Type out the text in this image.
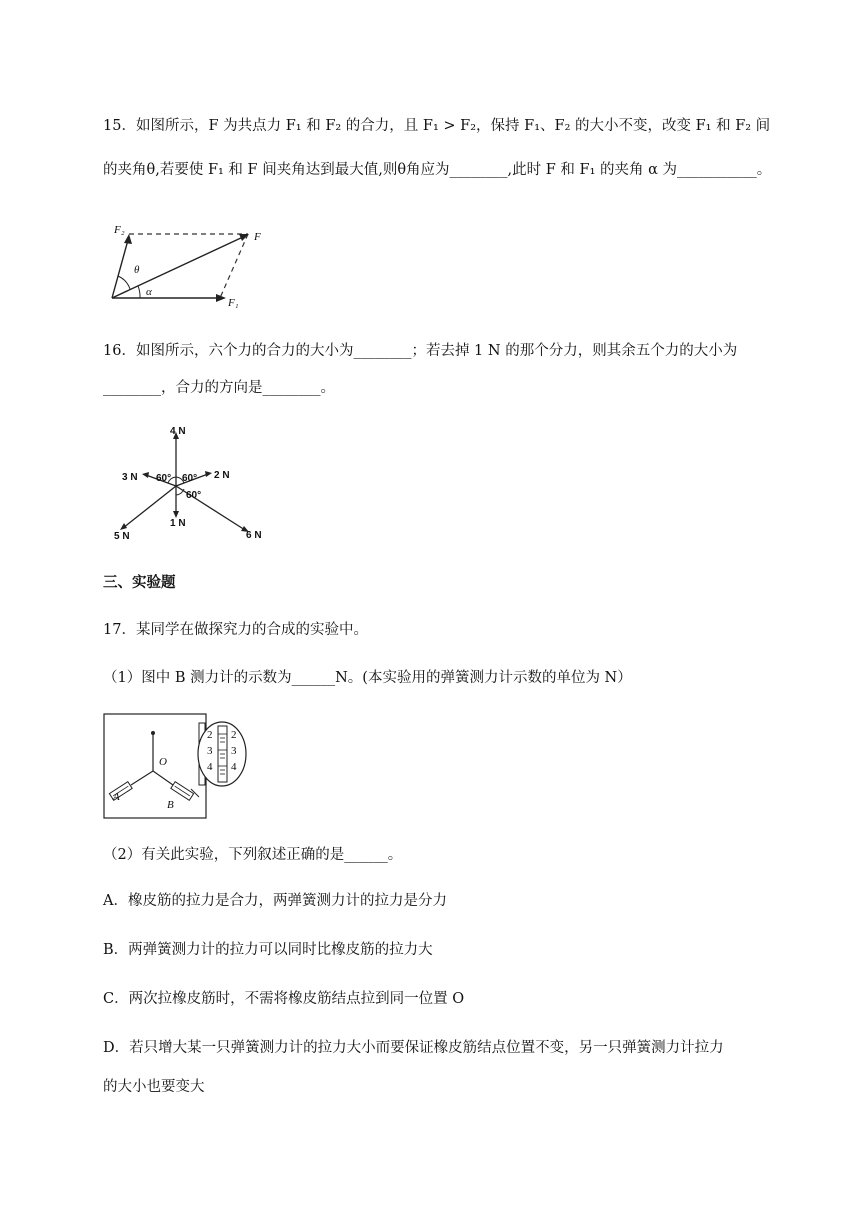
15．如图所示，F 为共点力 F₁ 和 F₂ 的合力，且 F₁ > F₂，保持 F₁、F₂ 的大小不变，改变 F₁ 和 F₂ 间
的夹角θ,若要使 F₁ 和 F 间夹角达到最大值,则θ角应为________,此时 F 和 F₁ 的夹角 α 为___________。
F₂
F
F₁
θ
α
16．如图所示，六个力的合力的大小为________；若去掉 1 N 的那个分力，则其余五个力的大小为
________，合力的方向是________。
4 N
3 N	2 N
1 N
5 N	6 N
60° 60°
60°
三、实验题
17．某同学在做探究力的合成的实验中。
（1）图中 B 测力计的示数为______N。(本实验用的弹簧测力计示数的单位为 N）
O
A
B
2
3
4
2
3
4
（2）有关此实验，下列叙述正确的是______。
A．橡皮筋的拉力是合力，两弹簧测力计的拉力是分力
B．两弹簧测力计的拉力可以同时比橡皮筋的拉力大
C．两次拉橡皮筋时，不需将橡皮筋结点拉到同一位置 O
D．若只增大某一只弹簧测力计的拉力大小而要保证橡皮筋结点位置不变，另一只弹簧测力计拉力
的大小也要变大
